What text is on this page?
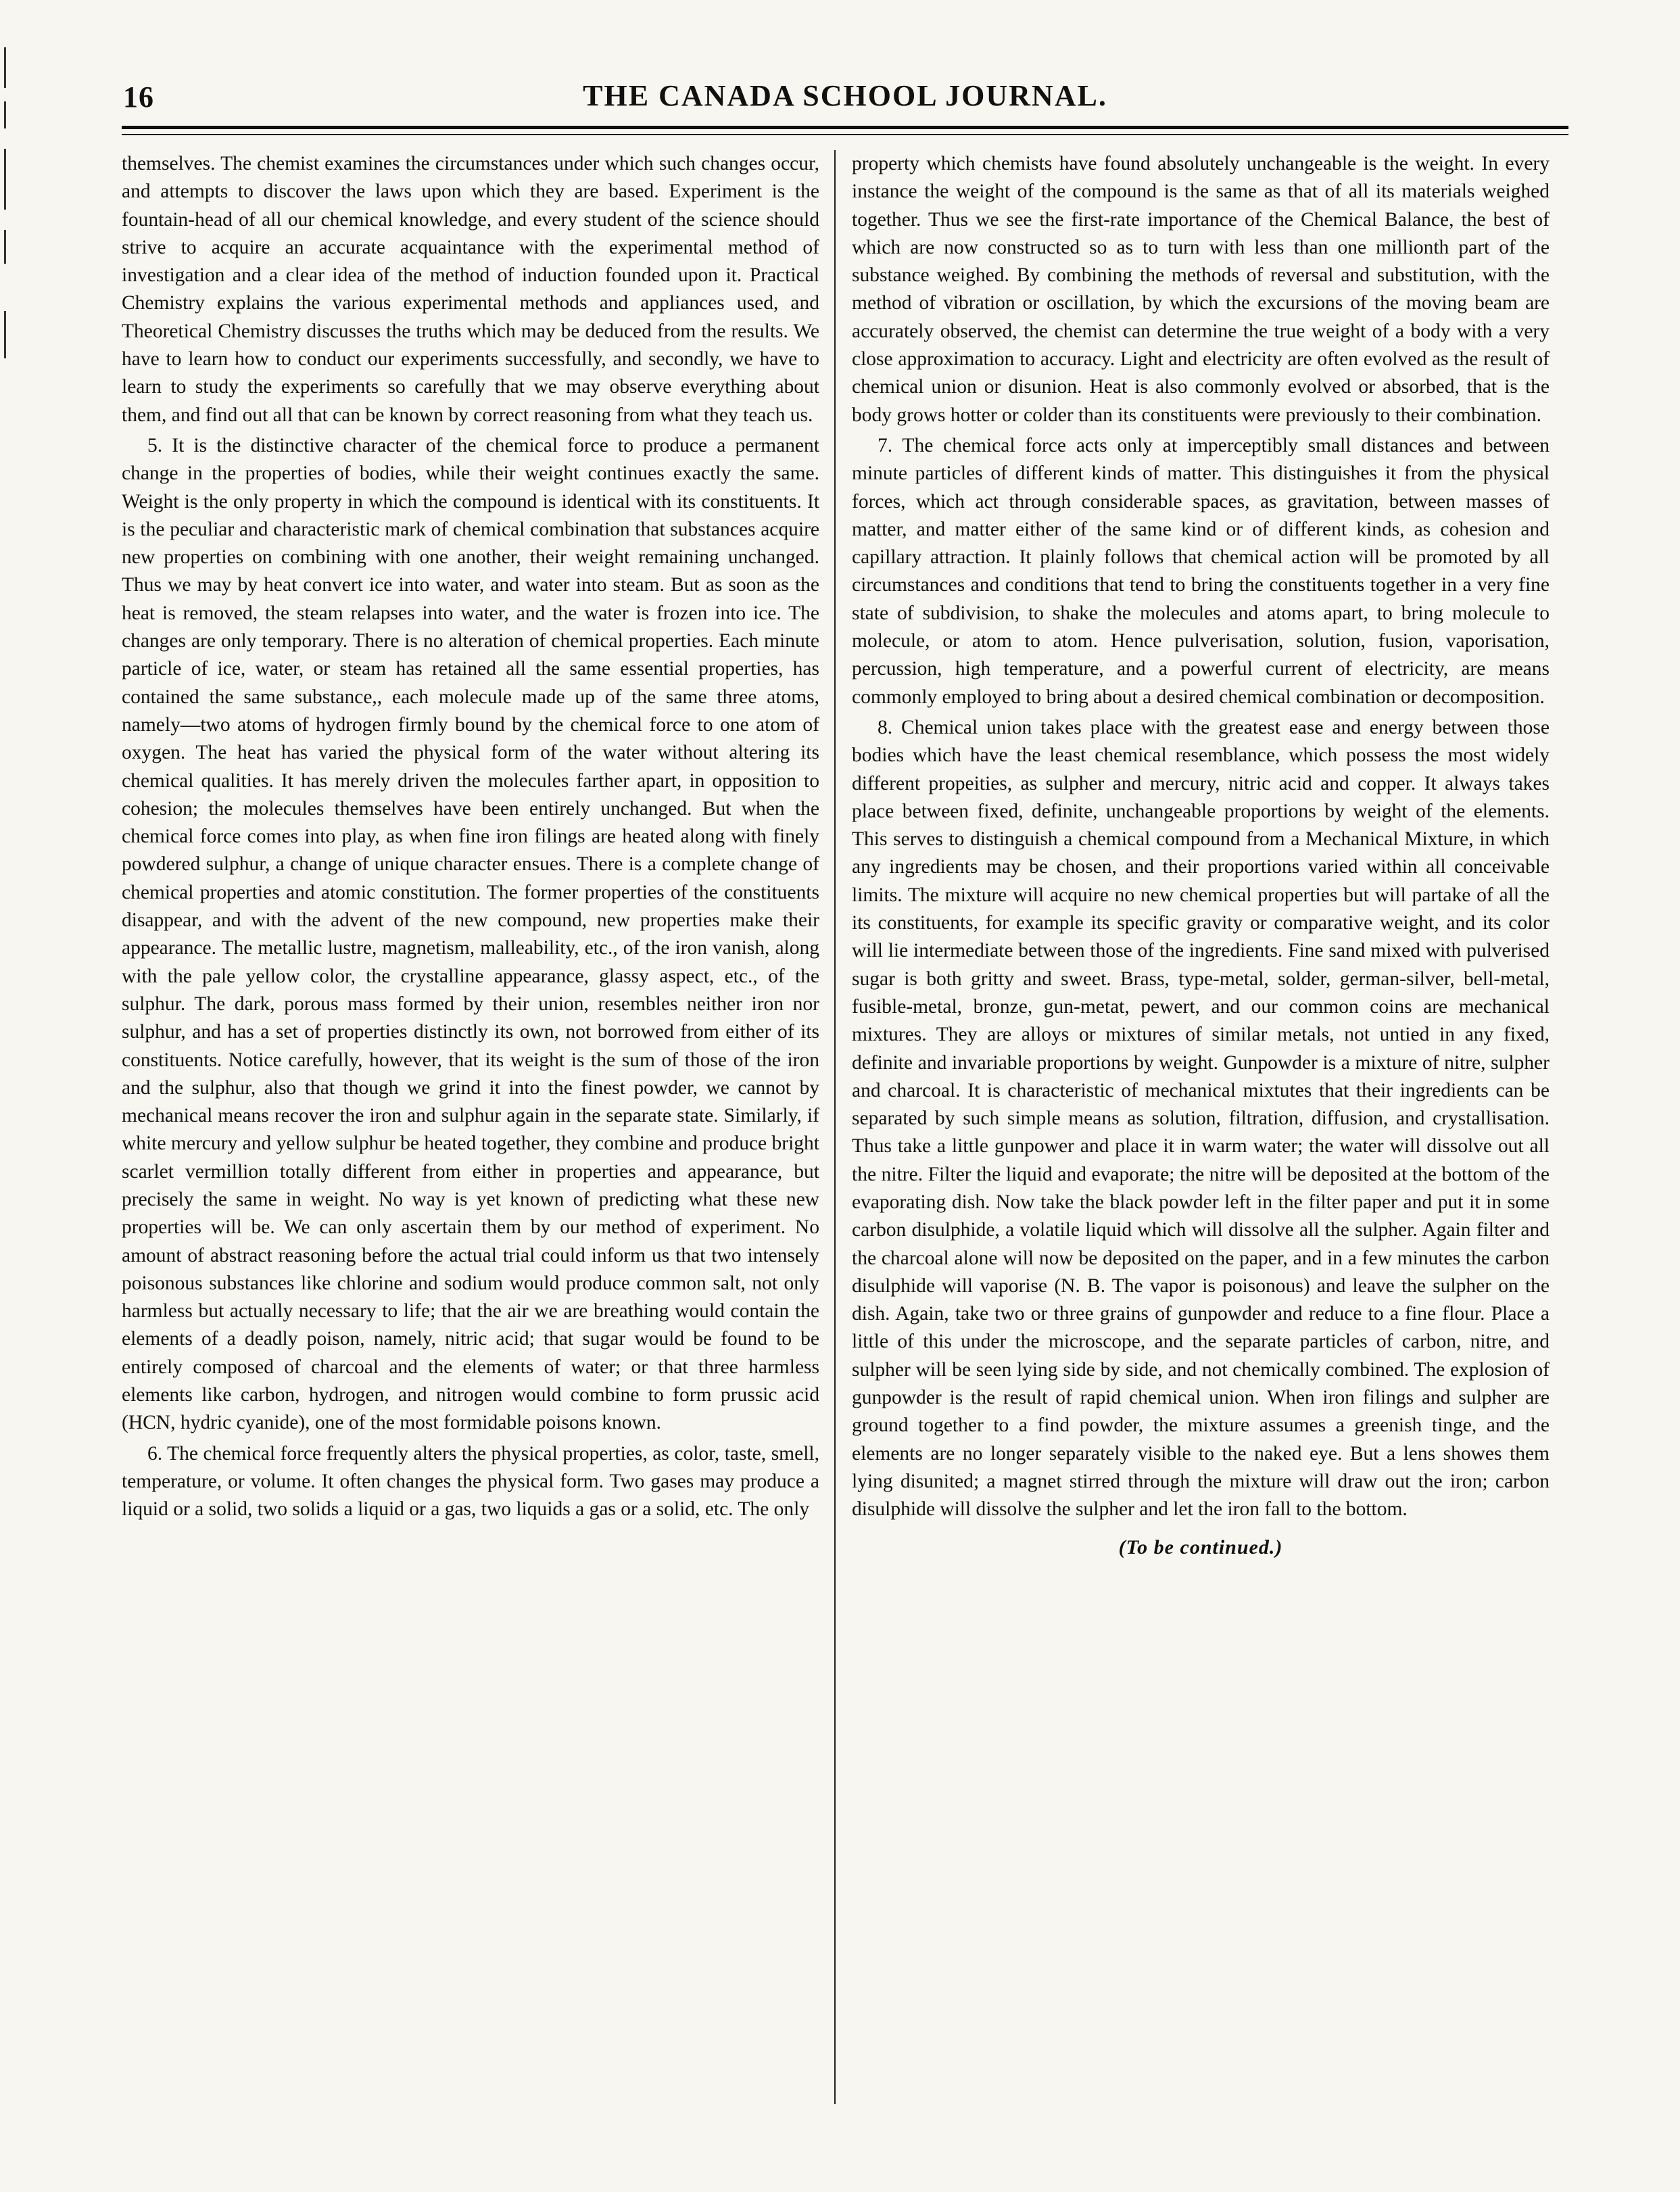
16	THE CANADA SCHOOL JOURNAL.

themselves. The chemist examines the circumstances under which such changes occur, and attempts to discover the laws upon which they are based. Experiment is the fountain-head of all our chemical knowledge, and every student of the science should strive to acquire an accurate acquaintance with the experimental method of investigation and a clear idea of the method of induction founded upon it. Practical Chemistry explains the various experimental methods and appliances used, and Theoretical Chemistry discusses the truths which may be deduced from the results. We have to learn how to conduct our experiments successfully, and secondly, we have to learn to study the experiments so carefully that we may observe everything about them, and find out all that can be known by correct reasoning from what they teach us.

5. It is the distinctive character of the chemical force to produce a permanent change in the properties of bodies, while their weight continues exactly the same. Weight is the only property in which the compound is identical with its constituents. It is the peculiar and characteristic mark of chemical combination that substances acquire new properties on combining with one another, their weight remaining unchanged. Thus we may by heat convert ice into water, and water into steam. But as soon as the heat is removed, the steam relapses into water, and the water is frozen into ice. The changes are only temporary. There is no alteration of chemical properties. Each minute particle of ice, water, or steam has retained all the same essential properties, has contained the same substance,, each molecule made up of the same three atoms, namely—two atoms of hydrogen firmly bound by the chemical force to one atom of oxygen. The heat has varied the physical form of the water without altering its chemical qualities. It has merely driven the molecules farther apart, in opposition to cohesion; the molecules themselves have been entirely unchanged. But when the chemical force comes into play, as when fine iron filings are heated along with finely powdered sulphur, a change of unique character ensues. There is a complete change of chemical properties and atomic constitution. The former properties of the constituents disappear, and with the advent of the new compound, new properties make their appearance. The metallic lustre, magnetism, malleability, etc., of the iron vanish, along with the pale yellow color, the crystalline appearance, glassy aspect, etc., of the sulphur. The dark, porous mass formed by their union, resembles neither iron nor sulphur, and has a set of properties distinctly its own, not borrowed from either of its constituents. Notice carefully, however, that its weight is the sum of those of the iron and the sulphur, also that though we grind it into the finest powder, we cannot by mechanical means recover the iron and sulphur again in the separate state. Similarly, if white mercury and yellow sulphur be heated together, they combine and produce bright scarlet vermillion totally different from either in properties and appearance, but precisely the same in weight. No way is yet known of predicting what these new properties will be. We can only ascertain them by our method of experiment. No amount of abstract reasoning before the actual trial could inform us that two intensely poisonous substances like chlorine and sodium would produce common salt, not only harmless but actually necessary to life; that the air we are breathing would contain the elements of a deadly poison, namely, nitric acid; that sugar would be found to be entirely composed of charcoal and the elements of water; or that three harmless elements like carbon, hydrogen, and nitrogen would combine to form prussic acid (HCN, hydric cyanide), one of the most formidable poisons known.

6. The chemical force frequently alters the physical properties, as color, taste, smell, temperature, or volume. It often changes the physical form. Two gases may produce a liquid or a solid, two solids a liquid or a gas, two liquids a gas or a solid, etc. The only

property which chemists have found absolutely unchangeable is the weight. In every instance the weight of the compound is the same as that of all its materials weighed together. Thus we see the first-rate importance of the Chemical Balance, the best of which are now constructed so as to turn with less than one millionth part of the substance weighed. By combining the methods of reversal and substitution, with the method of vibration or oscillation, by which the excursions of the moving beam are accurately observed, the chemist can determine the true weight of a body with a very close approximation to accuracy. Light and electricity are often evolved as the result of chemical union or disunion. Heat is also commonly evolved or absorbed, that is the body grows hotter or colder than its constituents were previously to their combination.

7. The chemical force acts only at imperceptibly small distances and between minute particles of different kinds of matter. This distinguishes it from the physical forces, which act through considerable spaces, as gravitation, between masses of matter, and matter either of the same kind or of different kinds, as cohesion and capillary attraction. It plainly follows that chemical action will be promoted by all circumstances and conditions that tend to bring the constituents together in a very fine state of subdivision, to shake the molecules and atoms apart, to bring molecule to molecule, or atom to atom. Hence pulverisation, solution, fusion, vaporisation, percussion, high temperature, and a powerful current of electricity, are means commonly employed to bring about a desired chemical combination or decomposition.

8. Chemical union takes place with the greatest ease and energy between those bodies which have the least chemical resemblance, which possess the most widely different propeities, as sulpher and mercury, nitric acid and copper. It always takes place between fixed, definite, unchangeable proportions by weight of the elements. This serves to distinguish a chemical compound from a Mechanical Mixture, in which any ingredients may be chosen, and their proportions varied within all conceivable limits. The mixture will acquire no new chemical properties but will partake of all the its constituents, for example its specific gravity or comparative weight, and its color will lie intermediate between those of the ingredients. Fine sand mixed with pulverised sugar is both gritty and sweet. Brass, type-metal, solder, german-silver, bell-metal, fusible-metal, bronze, gun-metat, pewert, and our common coins are mechanical mixtures. They are alloys or mixtures of similar metals, not untied in any fixed, definite and invariable proportions by weight. Gunpowder is a mixture of nitre, sulpher and charcoal. It is characteristic of mechanical mixtutes that their ingredients can be separated by such simple means as solution, filtration, diffusion, and crystallisation. Thus take a little gunpower and place it in warm water; the water will dissolve out all the nitre. Filter the liquid and evaporate; the nitre will be deposited at the bottom of the evaporating dish. Now take the black powder left in the filter paper and put it in some carbon disulphide, a volatile liquid which will dissolve all the sulpher. Again filter and the charcoal alone will now be deposited on the paper, and in a few minutes the carbon disulphide will vaporise (N. B. The vapor is poisonous) and leave the sulpher on the dish. Again, take two or three grains of gunpowder and reduce to a fine flour. Place a little of this under the microscope, and the separate particles of carbon, nitre, and sulpher will be seen lying side by side, and not chemically combined. The explosion of gunpowder is the result of rapid chemical union. When iron filings and sulpher are ground together to a find powder, the mixture assumes a greenish tinge, and the elements are no longer separately visible to the naked eye. But a lens showes them lying disunited; a magnet stirred through the mixture will draw out the iron; carbon disulphide will dissolve the sulpher and let the iron fall to the bottom.

(To be continued.)
